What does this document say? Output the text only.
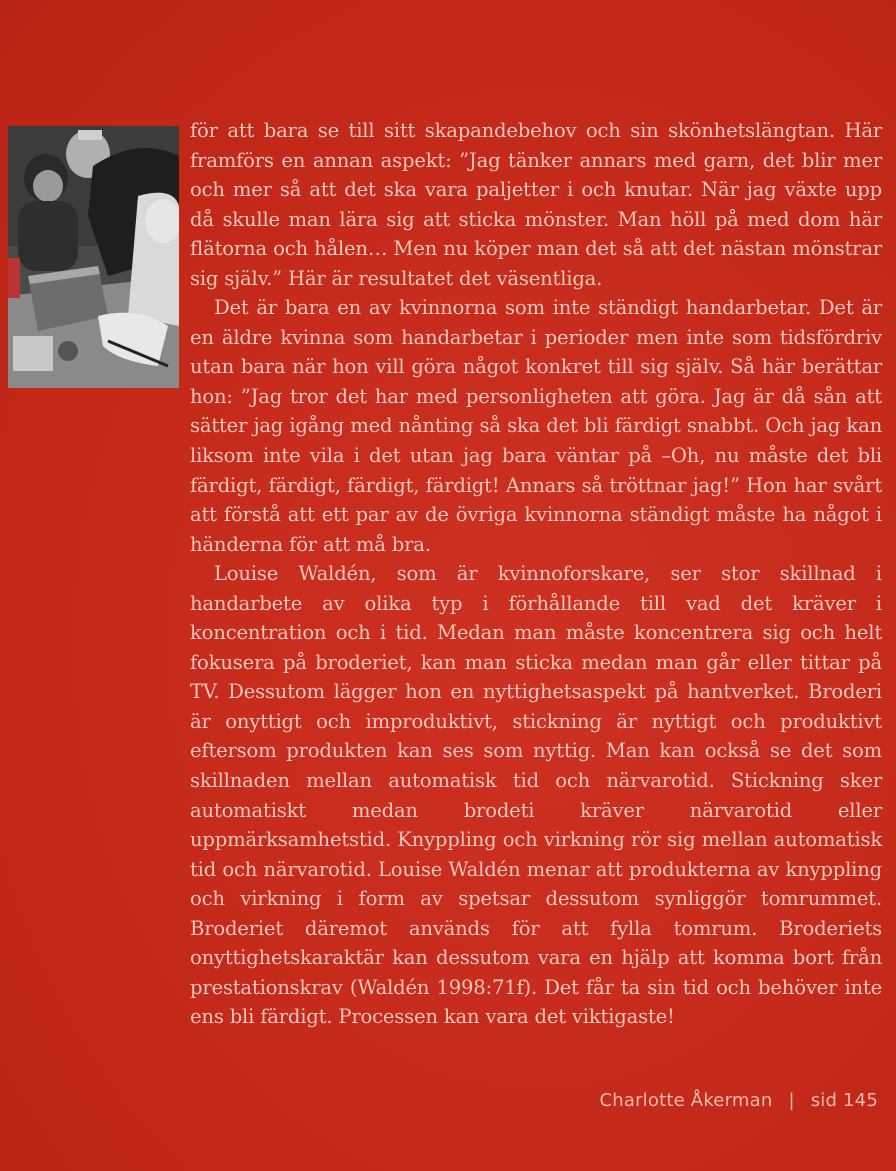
för att bara se till sitt skapandebehov och sin skönhetslängtan. Här framförs en annan aspekt: ”Jag tänker annars med garn, det blir mer och mer så att det ska vara paljetter i och knutar. När jag växte upp då skulle man lära sig att sticka mönster. Man höll på med dom här flätorna och hålen… Men nu köper man det så att det nästan mönstrar sig själv.” Här är resultatet det väsentliga.

Det är bara en av kvinnorna som inte ständigt handarbetar. Det är en äldre kvinna som handarbetar i perioder men inte som tidsfördriv utan bara när hon vill göra något konkret till sig själv. Så här berättar hon: ”Jag tror det har med personligheten att göra. Jag är då sån att sätter jag igång med nånting så ska det bli färdigt snabbt. Och jag kan liksom inte vila i det utan jag bara väntar på –Oh, nu måste det bli färdigt, färdigt, färdigt, färdigt! Annars så tröttnar jag!” Hon har svårt att förstå att ett par av de övriga kvinnorna ständigt måste ha något i händerna för att må bra.

Louise Waldén, som är kvinnoforskare, ser stor skillnad i handarbete av olika typ i förhållande till vad det kräver i koncentration och i tid. Medan man måste koncentrera sig och helt fokusera på broderiet, kan man sticka medan man går eller tittar på TV. Dessutom lägger hon en nyttighetsaspekt på hantverket. Broderi är onyttigt och improduktivt, stickning är nyttigt och produktivt eftersom produkten kan ses som nyttig. Man kan också se det som skillnaden mellan automatisk tid och närvarotid. Stickning sker automatiskt medan brodeti kräver närvarotid eller uppmärksamhetstid. Knyppling och virkning rör sig mellan automatisk tid och närvarotid. Louise Waldén menar att produkterna av knyppling och virkning i form av spetsar dessutom synliggör tomrummet. Broderiet däremot används för att fylla tomrum. Broderiets onyttighetskaraktär kan dessutom vara en hjälp att komma bort från prestationskrav (Waldén 1998:71f). Det får ta sin tid och behöver inte ens bli färdigt. Processen kan vara det viktigaste!

Charlotte Åkerman | sid 145
